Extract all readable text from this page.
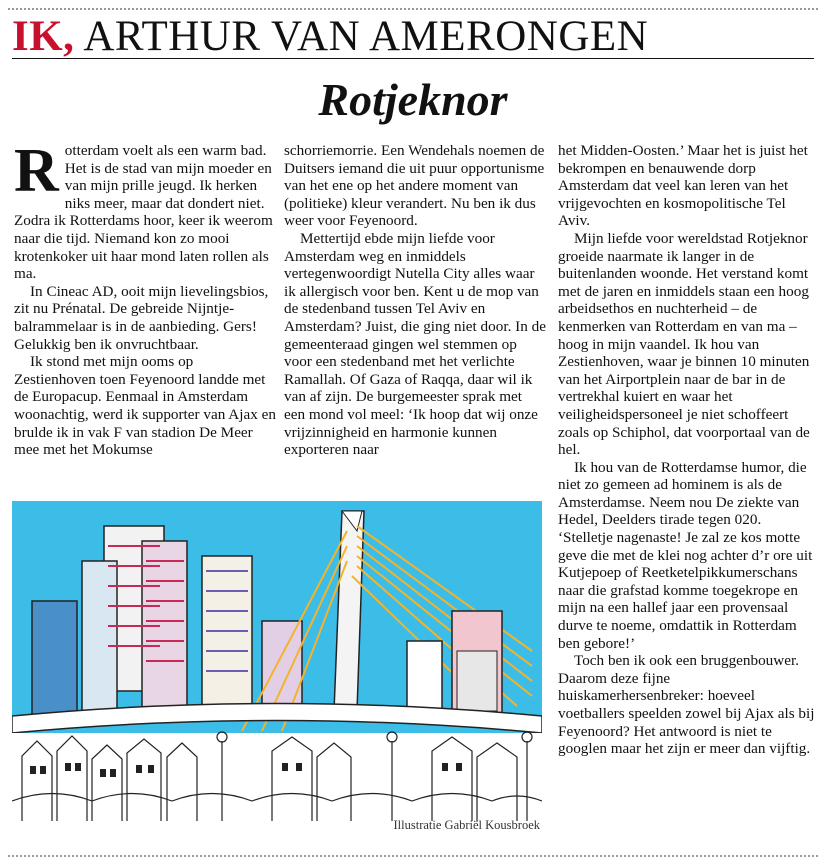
IK, ARTHUR VAN AMERONGEN
Rotjeknor

Rotterdam voelt als een warm bad. Het is de stad van mijn moeder en van mijn prille jeugd. Ik herken niks meer, maar dat dondert niet. Zodra ik Rotterdams hoor, keer ik weerom naar die tijd. Niemand kon zo mooi krotenkoker uit haar mond laten rollen als ma.

In Cineac AD, ooit mijn lievelingsbios, zit nu Prénatal. De gebreide Nijntje-balrammelaar is in de aanbieding. Gers! Gelukkig ben ik onvruchtbaar.

Ik stond met mijn ooms op Zestienhoven toen Feyenoord landde met de Europacup. Eenmaal in Amsterdam woonachtig, werd ik supporter van Ajax en brulde ik in vak F van stadion De Meer mee met het Mokumse

schorriemorrie. Een Wendehals noemen de Duitsers iemand die uit puur opportunisme van het ene op het andere moment van (politieke) kleur verandert. Nu ben ik dus weer voor Feyenoord.

Mettertijd ebde mijn liefde voor Amsterdam weg en inmiddels vertegenwoordigt Nutella City alles waar ik allergisch voor ben. Kent u de mop van de stedenband tussen Tel Aviv en Amsterdam? Juist, die ging niet door. In de gemeenteraad gingen wel stemmen op voor een stedenband met het verlichte Ramallah. Of Gaza of Raqqa, daar wil ik van af zijn. De burgemeester sprak met een mond vol meel: ‘Ik hoop dat wij onze vrijzinnigheid en harmonie kunnen exporteren naar

het Midden-Oosten.’ Maar het is juist het bekrompen en benauwende dorp Amsterdam dat veel kan leren van het vrijgevochten en kosmopolitische Tel Aviv.

Mijn liefde voor wereldstad Rotjeknor groeide naarmate ik langer in de buitenlanden woonde. Het verstand komt met de jaren en inmiddels staan een hoog arbeidsethos en nuchterheid – de kenmerken van Rotterdam en van ma – hoog in mijn vaandel. Ik hou van Zestienhoven, waar je binnen 10 minuten van het Airportplein naar de bar in de vertrekhal kuiert en waar het veiligheidspersoneel je niet schoffeert zoals op Schiphol, dat voorportaal van de hel.

Ik hou van de Rotterdamse humor, die niet zo gemeen ad hominem is als de Amsterdamse. Neem nou De ziekte van Hedel, Deelders tirade tegen 020. ‘Stelletje nagenaste! Je zal ze kos motte geve die met de klei nog achter d’r ore uit Kutjepoep of Reetketelpikkumerschans naar die grafstad komme toegekrope en mijn na een hallef jaar een provensaal durve te noeme, omdattik in Rotterdam ben gebore!’

Toch ben ik ook een bruggenbouwer. Daarom deze fijne huiskamerhersenbreker: hoeveel voetballers speelden zowel bij Ajax als bij Feyenoord? Het antwoord is niet te googlen maar het zijn er meer dan vijftig.

Illustratie Gabriël Kousbroek
